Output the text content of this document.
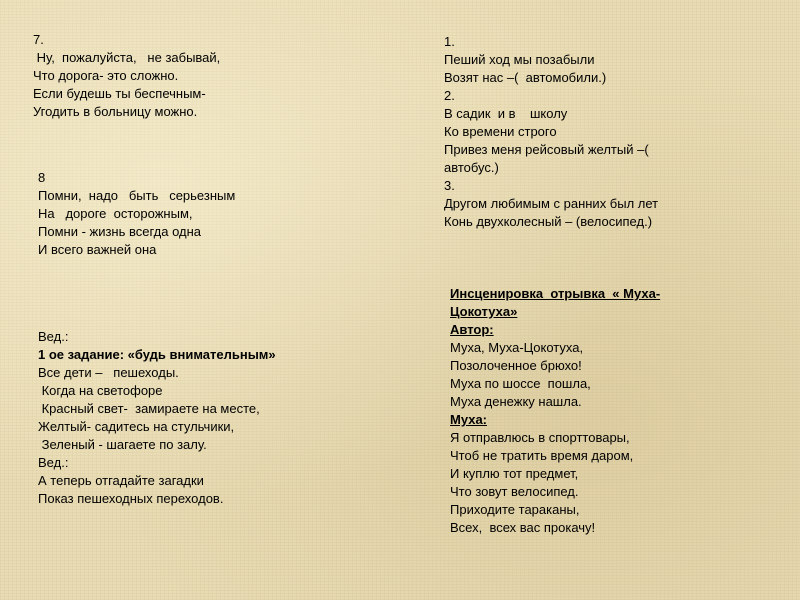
7.
Ну,  пожалуйста,   не забывай,
Что дорога- это сложно.
Если будешь ты беспечным-
Угодить в больницу можно.
8
Помни,  надо   быть   серьезным
На   дороге  осторожным,
Помни - жизнь всегда одна
И всего важней она
Вед.:
1 ое задание: «будь внимательным»
Все дети –   пешеходы.
Когда на светофоре
Красный свет-  замираете на месте,
Желтый- садитесь на стульчики,
Зеленый - шагаете по залу.
Вед.:
А теперь отгадайте загадки
Показ пешеходных переходов.
1.
Пеший ход мы позабыли
Возят нас –(  автомобили.)
2.
В садик  и в    школу
Ко времени строго
Привез меня рейсовый желтый –(
автобус.)
3.
Другом любимым с ранних был лет
Конь двухколесный – (велосипед.)
Инсценировка  отрывка  « Муха-
Цокотуха»
Автор:
Муха, Муха-Цокотуха,
Позолоченное брюхо!
Муха по шоссе  пошла,
Муха денежку нашла.
Муха:
Я отправлюсь в спорттовары,
Чтоб не тратить время даром,
И куплю тот предмет,
Что зовут велосипед.
Приходите тараканы,
Всех,  всех вас прокачу!
